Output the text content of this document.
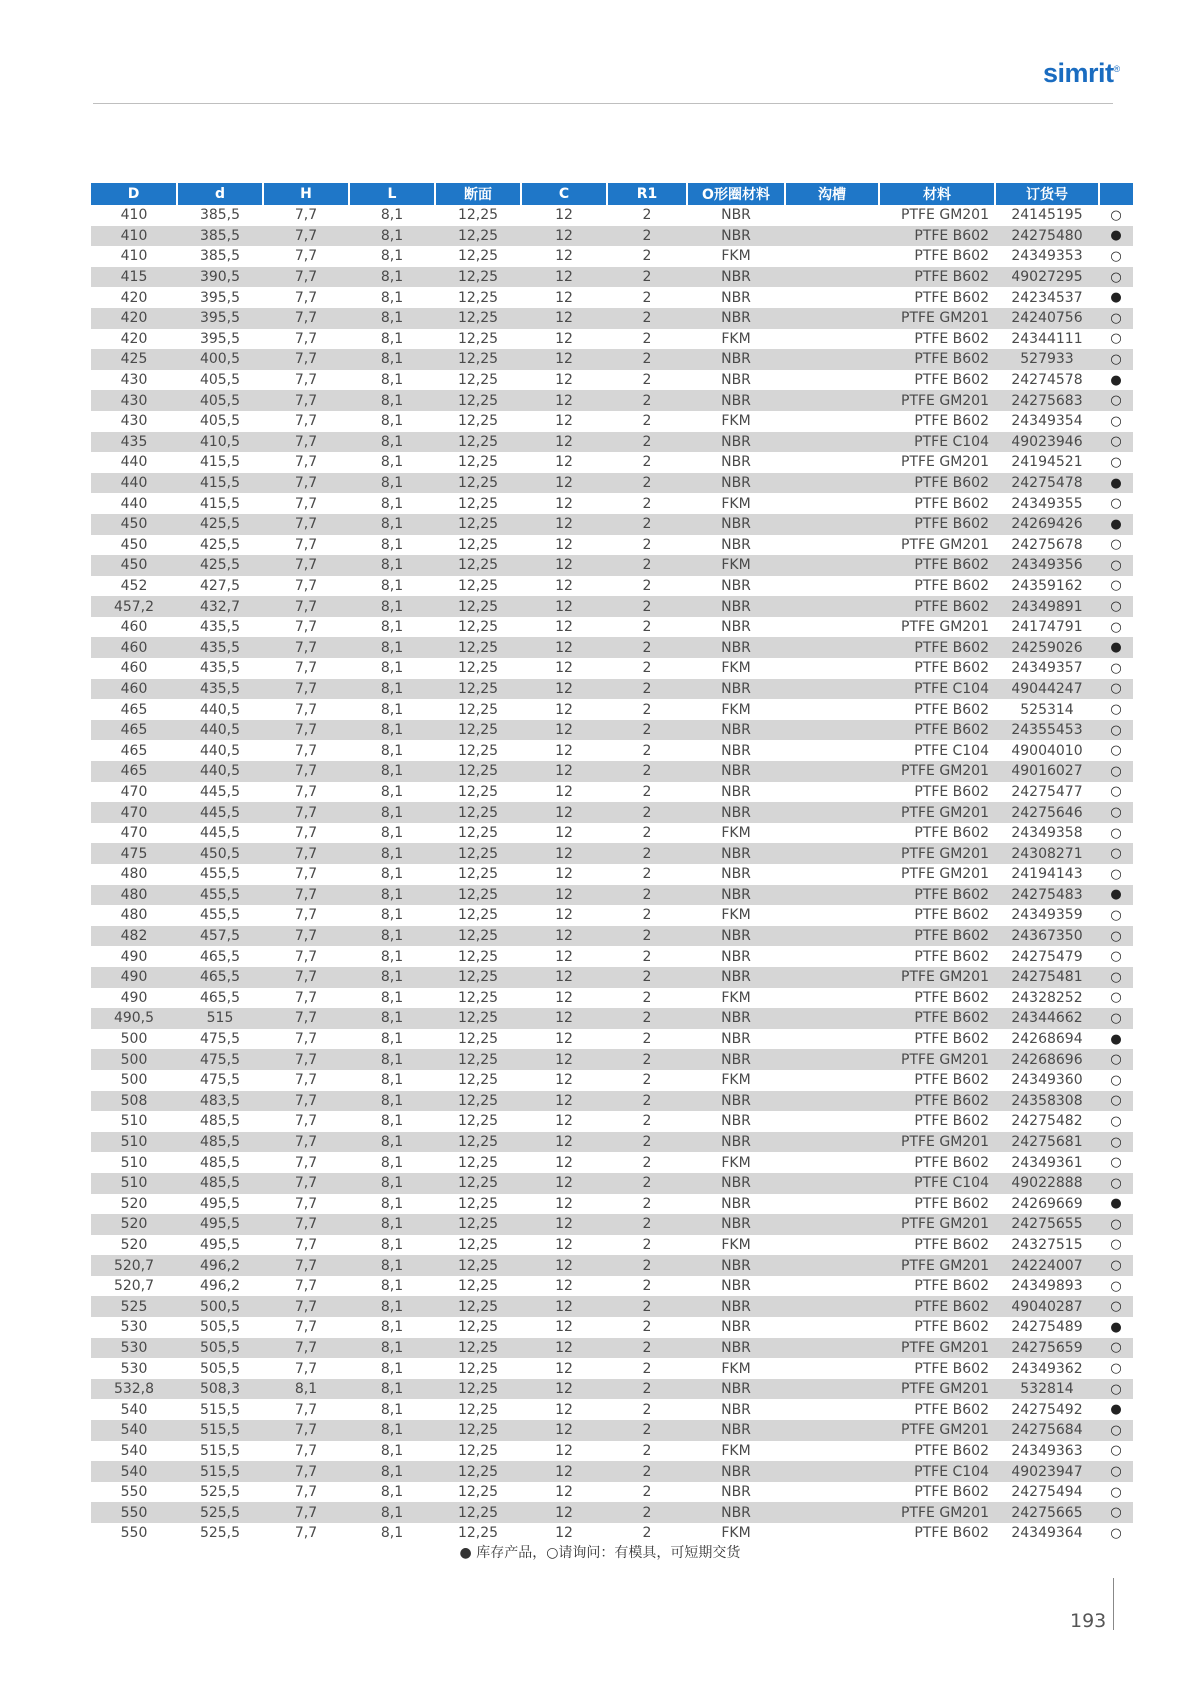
simrit®
D	d	H	L	断面	C	R1	O形圈材料	沟槽	材料	订货号	
410	385,5	7,7	8,1	12,25	12	2	NBR		PTFE GM201	24145195	○
410	385,5	7,7	8,1	12,25	12	2	NBR		PTFE B602	24275480	●
410	385,5	7,7	8,1	12,25	12	2	FKM		PTFE B602	24349353	○
415	390,5	7,7	8,1	12,25	12	2	NBR		PTFE B602	49027295	○
420	395,5	7,7	8,1	12,25	12	2	NBR		PTFE B602	24234537	●
420	395,5	7,7	8,1	12,25	12	2	NBR		PTFE GM201	24240756	○
420	395,5	7,7	8,1	12,25	12	2	FKM		PTFE B602	24344111	○
425	400,5	7,7	8,1	12,25	12	2	NBR		PTFE B602	527933	○
430	405,5	7,7	8,1	12,25	12	2	NBR		PTFE B602	24274578	●
430	405,5	7,7	8,1	12,25	12	2	NBR		PTFE GM201	24275683	○
430	405,5	7,7	8,1	12,25	12	2	FKM		PTFE B602	24349354	○
435	410,5	7,7	8,1	12,25	12	2	NBR		PTFE C104	49023946	○
440	415,5	7,7	8,1	12,25	12	2	NBR		PTFE GM201	24194521	○
440	415,5	7,7	8,1	12,25	12	2	NBR		PTFE B602	24275478	●
440	415,5	7,7	8,1	12,25	12	2	FKM		PTFE B602	24349355	○
450	425,5	7,7	8,1	12,25	12	2	NBR		PTFE B602	24269426	●
450	425,5	7,7	8,1	12,25	12	2	NBR		PTFE GM201	24275678	○
450	425,5	7,7	8,1	12,25	12	2	FKM		PTFE B602	24349356	○
452	427,5	7,7	8,1	12,25	12	2	NBR		PTFE B602	24359162	○
457,2	432,7	7,7	8,1	12,25	12	2	NBR		PTFE B602	24349891	○
460	435,5	7,7	8,1	12,25	12	2	NBR		PTFE GM201	24174791	○
460	435,5	7,7	8,1	12,25	12	2	NBR		PTFE B602	24259026	●
460	435,5	7,7	8,1	12,25	12	2	FKM		PTFE B602	24349357	○
460	435,5	7,7	8,1	12,25	12	2	NBR		PTFE C104	49044247	○
465	440,5	7,7	8,1	12,25	12	2	FKM		PTFE B602	525314	○
465	440,5	7,7	8,1	12,25	12	2	NBR		PTFE B602	24355453	○
465	440,5	7,7	8,1	12,25	12	2	NBR		PTFE C104	49004010	○
465	440,5	7,7	8,1	12,25	12	2	NBR		PTFE GM201	49016027	○
470	445,5	7,7	8,1	12,25	12	2	NBR		PTFE B602	24275477	○
470	445,5	7,7	8,1	12,25	12	2	NBR		PTFE GM201	24275646	○
470	445,5	7,7	8,1	12,25	12	2	FKM		PTFE B602	24349358	○
475	450,5	7,7	8,1	12,25	12	2	NBR		PTFE GM201	24308271	○
480	455,5	7,7	8,1	12,25	12	2	NBR		PTFE GM201	24194143	○
480	455,5	7,7	8,1	12,25	12	2	NBR		PTFE B602	24275483	●
480	455,5	7,7	8,1	12,25	12	2	FKM		PTFE B602	24349359	○
482	457,5	7,7	8,1	12,25	12	2	NBR		PTFE B602	24367350	○
490	465,5	7,7	8,1	12,25	12	2	NBR		PTFE B602	24275479	○
490	465,5	7,7	8,1	12,25	12	2	NBR		PTFE GM201	24275481	○
490	465,5	7,7	8,1	12,25	12	2	FKM		PTFE B602	24328252	○
490,5	515	7,7	8,1	12,25	12	2	NBR		PTFE B602	24344662	○
500	475,5	7,7	8,1	12,25	12	2	NBR		PTFE B602	24268694	●
500	475,5	7,7	8,1	12,25	12	2	NBR		PTFE GM201	24268696	○
500	475,5	7,7	8,1	12,25	12	2	FKM		PTFE B602	24349360	○
508	483,5	7,7	8,1	12,25	12	2	NBR		PTFE B602	24358308	○
510	485,5	7,7	8,1	12,25	12	2	NBR		PTFE B602	24275482	○
510	485,5	7,7	8,1	12,25	12	2	NBR		PTFE GM201	24275681	○
510	485,5	7,7	8,1	12,25	12	2	FKM		PTFE B602	24349361	○
510	485,5	7,7	8,1	12,25	12	2	NBR		PTFE C104	49022888	○
520	495,5	7,7	8,1	12,25	12	2	NBR		PTFE B602	24269669	●
520	495,5	7,7	8,1	12,25	12	2	NBR		PTFE GM201	24275655	○
520	495,5	7,7	8,1	12,25	12	2	FKM		PTFE B602	24327515	○
520,7	496,2	7,7	8,1	12,25	12	2	NBR		PTFE GM201	24224007	○
520,7	496,2	7,7	8,1	12,25	12	2	NBR		PTFE B602	24349893	○
525	500,5	7,7	8,1	12,25	12	2	NBR		PTFE B602	49040287	○
530	505,5	7,7	8,1	12,25	12	2	NBR		PTFE B602	24275489	●
530	505,5	7,7	8,1	12,25	12	2	NBR		PTFE GM201	24275659	○
530	505,5	7,7	8,1	12,25	12	2	FKM		PTFE B602	24349362	○
532,8	508,3	8,1	8,1	12,25	12	2	NBR		PTFE GM201	532814	○
540	515,5	7,7	8,1	12,25	12	2	NBR		PTFE B602	24275492	●
540	515,5	7,7	8,1	12,25	12	2	NBR		PTFE GM201	24275684	○
540	515,5	7,7	8,1	12,25	12	2	FKM		PTFE B602	24349363	○
540	515,5	7,7	8,1	12,25	12	2	NBR		PTFE C104	49023947	○
550	525,5	7,7	8,1	12,25	12	2	NBR		PTFE B602	24275494	○
550	525,5	7,7	8,1	12,25	12	2	NBR		PTFE GM201	24275665	○
550	525,5	7,7	8,1	12,25	12	2	FKM		PTFE B602	24349364	○
● 库存产品，○请询问：有模具，可短期交货
193
